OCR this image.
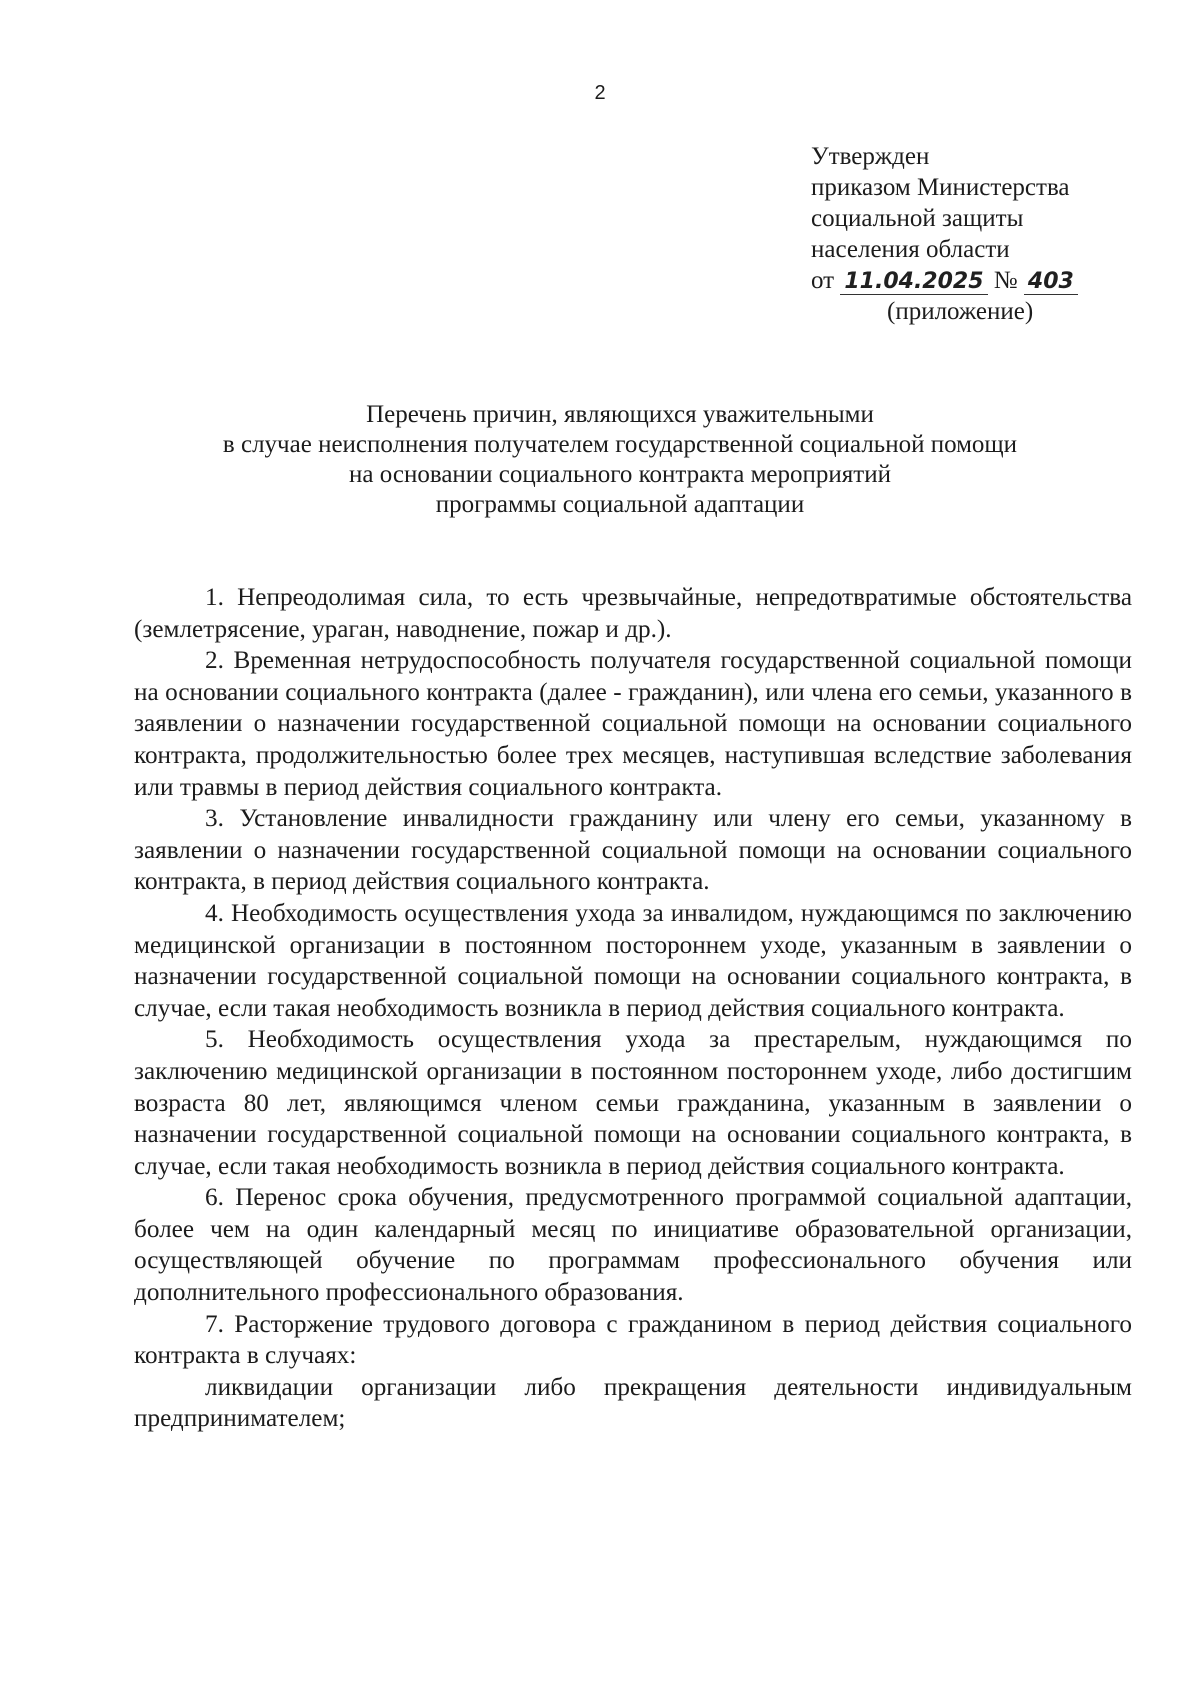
2
Утвержден
приказом Министерства
социальной защиты
населения области
от 11.04.2025 № 403
(приложение)
Перечень причин, являющихся уважительными
в случае неисполнения получателем государственной социальной помощи
на основании социального контракта мероприятий
программы социальной адаптации

1. Непреодолимая сила, то есть чрезвычайные, непредотвратимые обстоятельства (землетрясение, ураган, наводнение, пожар и др.).

2. Временная нетрудоспособность получателя государственной социальной помощи на основании социального контракта (далее - гражданин), или члена его семьи, указанного в заявлении о назначении государственной социальной помощи на основании социального контракта, продолжительностью более трех месяцев, наступившая вследствие заболевания или травмы в период действия социального контракта.

3. Установление инвалидности гражданину или члену его семьи, указанному в заявлении о назначении государственной социальной помощи на основании социального контракта, в период действия социального контракта.

4. Необходимость осуществления ухода за инвалидом, нуждающимся по заключению медицинской организации в постоянном постороннем уходе, указанным в заявлении о назначении государственной социальной помощи на основании социального контракта, в случае, если такая необходимость возникла в период действия социального контракта.

5. Необходимость осуществления ухода за престарелым, нуждающимся по заключению медицинской организации в постоянном постороннем уходе, либо достигшим возраста 80 лет, являющимся членом семьи гражданина, указанным в заявлении о назначении государственной социальной помощи на основании социального контракта, в случае, если такая необходимость возникла в период действия социального контракта.

6. Перенос срока обучения, предусмотренного программой социальной адаптации, более чем на один календарный месяц по инициативе образовательной организации, осуществляющей обучение по программам профессионального обучения или дополнительного профессионального образования.

7. Расторжение трудового договора с гражданином в период действия социального контракта в случаях:

ликвидации организации либо прекращения деятельности индивидуальным предпринимателем;
